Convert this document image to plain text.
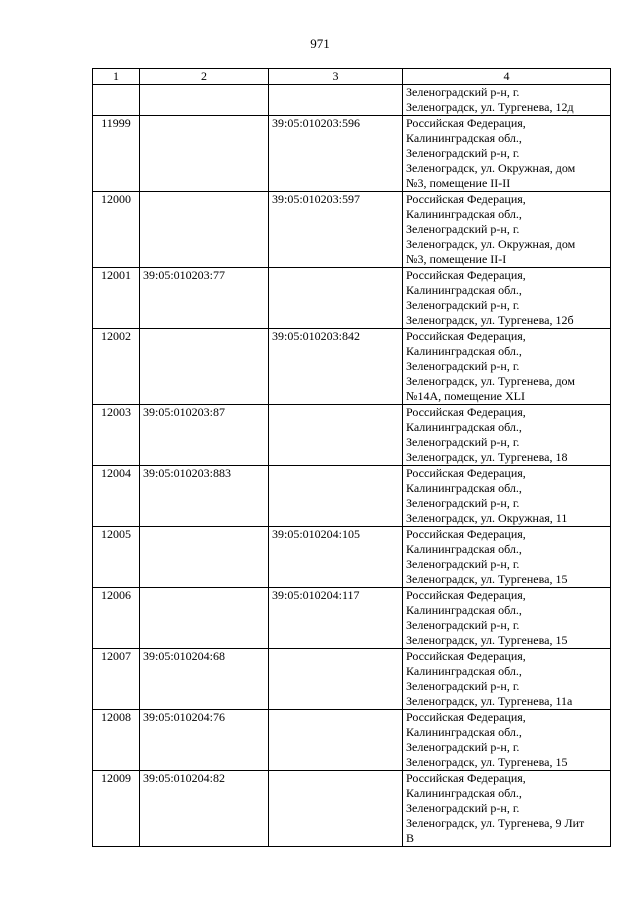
971
1	2	3	4

			Зеленоградский р-н, г.
Зеленоградск, ул. Тургенева, 12д

11999		39:05:010203:596	Российская Федерация,
Калининградская обл.,
Зеленоградский р-н, г.
Зеленоградск, ул. Окружная, дом
№3, помещение II-II

12000		39:05:010203:597	Российская Федерация,
Калининградская обл.,
Зеленоградский р-н, г.
Зеленоградск, ул. Окружная, дом
№3, помещение II-I

12001	39:05:010203:77		Российская Федерация,
Калининградская обл.,
Зеленоградский р-н, г.
Зеленоградск, ул. Тургенева, 12б

12002		39:05:010203:842	Российская Федерация,
Калининградская обл.,
Зеленоградский р-н, г.
Зеленоградск, ул. Тургенева, дом
№14А, помещение XLI

12003	39:05:010203:87		Российская Федерация,
Калининградская обл.,
Зеленоградский р-н, г.
Зеленоградск, ул. Тургенева, 18

12004	39:05:010203:883		Российская Федерация,
Калининградская обл.,
Зеленоградский р-н, г.
Зеленоградск, ул. Окружная, 11

12005		39:05:010204:105	Российская Федерация,
Калининградская обл.,
Зеленоградский р-н, г.
Зеленоградск, ул. Тургенева, 15

12006		39:05:010204:117	Российская Федерация,
Калининградская обл.,
Зеленоградский р-н, г.
Зеленоградск, ул. Тургенева, 15

12007	39:05:010204:68		Российская Федерация,
Калининградская обл.,
Зеленоградский р-н, г.
Зеленоградск, ул. Тургенева, 11а

12008	39:05:010204:76		Российская Федерация,
Калининградская обл.,
Зеленоградский р-н, г.
Зеленоградск, ул. Тургенева, 15

12009	39:05:010204:82		Российская Федерация,
Калининградская обл.,
Зеленоградский р-н, г.
Зеленоградск, ул. Тургенева, 9 Лит
В
